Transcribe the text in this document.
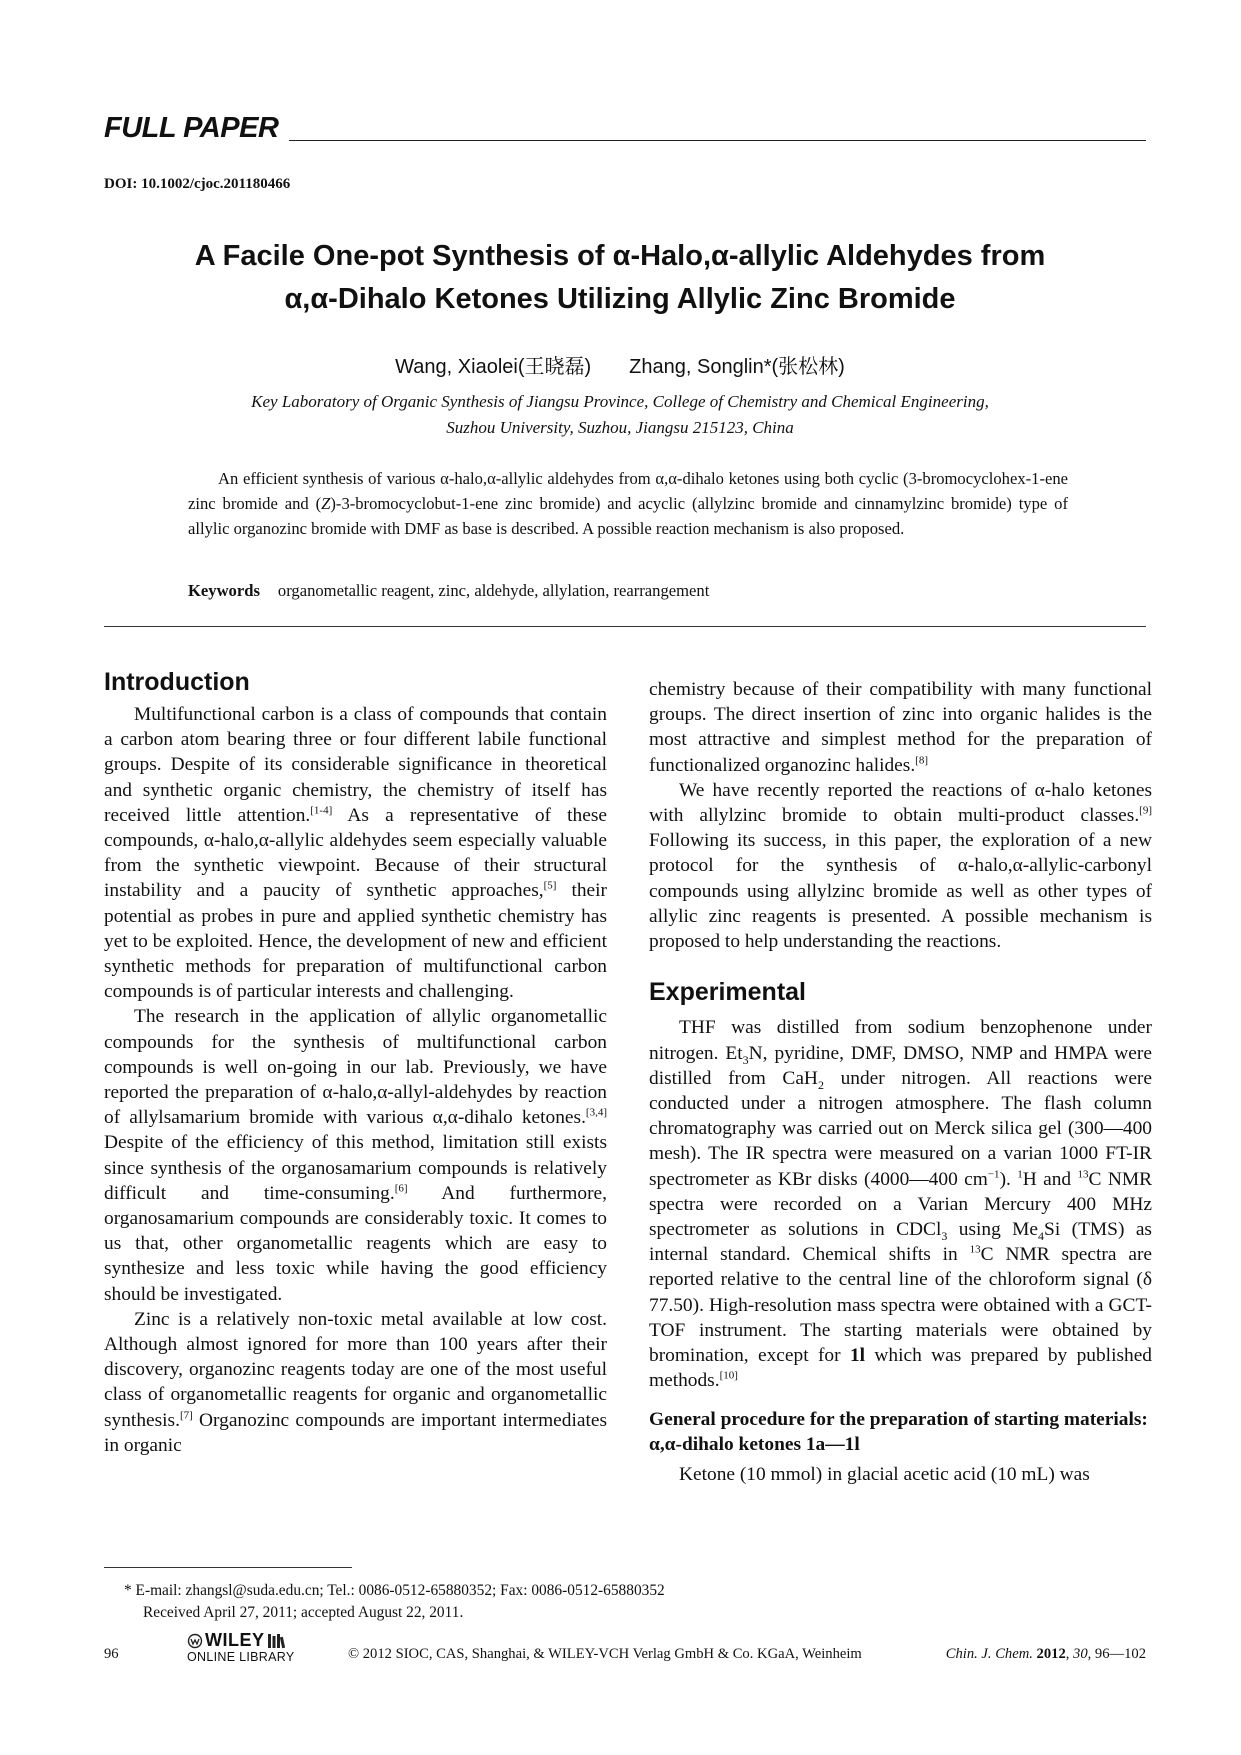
FULL PAPER
DOI: 10.1002/cjoc.201180466
A Facile One-pot Synthesis of α-Halo,α-allylic Aldehydes from
α,α-Dihalo Ketones Utilizing Allylic Zinc Bromide
Wang, Xiaolei(王晓磊) Zhang, Songlin*(张松林)
Key Laboratory of Organic Synthesis of Jiangsu Province, College of Chemistry and Chemical Engineering,
Suzhou University, Suzhou, Jiangsu 215123, China
An efficient synthesis of various α-halo,α-allylic aldehydes from α,α-dihalo ketones using both cyclic (3-bromocyclohex-1-ene zinc bromide and (Z)-3-bromocyclobut-1-ene zinc bromide) and acyclic (allylzinc bromide and cinnamylzinc bromide) type of allylic organozinc bromide with DMF as base is described. A possible reaction mechanism is also proposed.
Keywords organometallic reagent, zinc, aldehyde, allylation, rearrangement
Introduction

Multifunctional carbon is a class of compounds that contain a carbon atom bearing three or four different labile functional groups. Despite of its considerable significance in theoretical and synthetic organic chemistry, the chemistry of itself has received little attention.[1-4] As a representative of these compounds, α-halo,α-allylic aldehydes seem especially valuable from the synthetic viewpoint. Because of their structural instability and a paucity of synthetic approaches,[5] their potential as probes in pure and applied synthetic chemistry has yet to be exploited. Hence, the development of new and efficient synthetic methods for preparation of multifunctional carbon compounds is of particular interests and challenging.

The research in the application of allylic organometallic compounds for the synthesis of multifunctional carbon compounds is well on-going in our lab. Previously, we have reported the preparation of α-halo,α-allyl-aldehydes by reaction of allylsamarium bromide with various α,α-dihalo ketones.[3,4] Despite of the efficiency of this method, limitation still exists since synthesis of the organosamarium compounds is relatively difficult and time-consuming.[6] And furthermore, organosamarium compounds are considerably toxic. It comes to us that, other organometallic reagents which are easy to synthesize and less toxic while having the good efficiency should be investigated.

Zinc is a relatively non-toxic metal available at low cost. Although almost ignored for more than 100 years after their discovery, organozinc reagents today are one of the most useful class of organometallic reagents for organic and organometallic synthesis.[7] Organozinc compounds are important intermediates in organic

chemistry because of their compatibility with many functional groups. The direct insertion of zinc into organic halides is the most attractive and simplest method for the preparation of functionalized organozinc halides.[8]

We have recently reported the reactions of α-halo ketones with allylzinc bromide to obtain multi-product classes.[9] Following its success, in this paper, the exploration of a new protocol for the synthesis of α-halo,α-allylic-carbonyl compounds using allylzinc bromide as well as other types of allylic zinc reagents is presented. A possible mechanism is proposed to help understanding the reactions.

Experimental

THF was distilled from sodium benzophenone under nitrogen. $Et_3N$, pyridine, DMF, DMSO, NMP and HMPA were distilled from CaH$_2$ under nitrogen. All reactions were conducted under a nitrogen atmosphere. The flash column chromatography was carried out on Merck silica gel (300—400 mesh). The IR spectra were measured on a varian 1000 FT-IR spectrometer as KBr disks (4000—400 $cm^{-1}$). $^1$H and $^{13}$C NMR spectra were recorded on a Varian Mercury 400 MHz spectrometer as solutions in CDCl$_3$ using $Me_4Si$ (TMS) as internal standard. Chemical shifts in $^{13}$C NMR spectra are reported relative to the central line of the chloroform signal (δ 77.50). High-resolution mass spectra were obtained with a GCT-TOF instrument. The starting materials were obtained by bromination, except for 1l which was prepared by published methods.[10]

General procedure for the preparation of starting materials: α,α-dihalo ketones 1a—1l

Ketone (10 mmol) in glacial acetic acid (10 mL) was

* E-mail: zhangsl@suda.edu.cn; Tel.: 0086-0512-65880352; Fax: 0086-0512-65880352
Received April 27, 2011; accepted August 22, 2011.
96
WILEY
ONLINE LIBRARY	© 2012 SIOC, CAS, Shanghai, & WILEY-VCH Verlag GmbH & Co. KGaA, Weinheim	Chin. J. Chem. 2012, 30, 96—102
